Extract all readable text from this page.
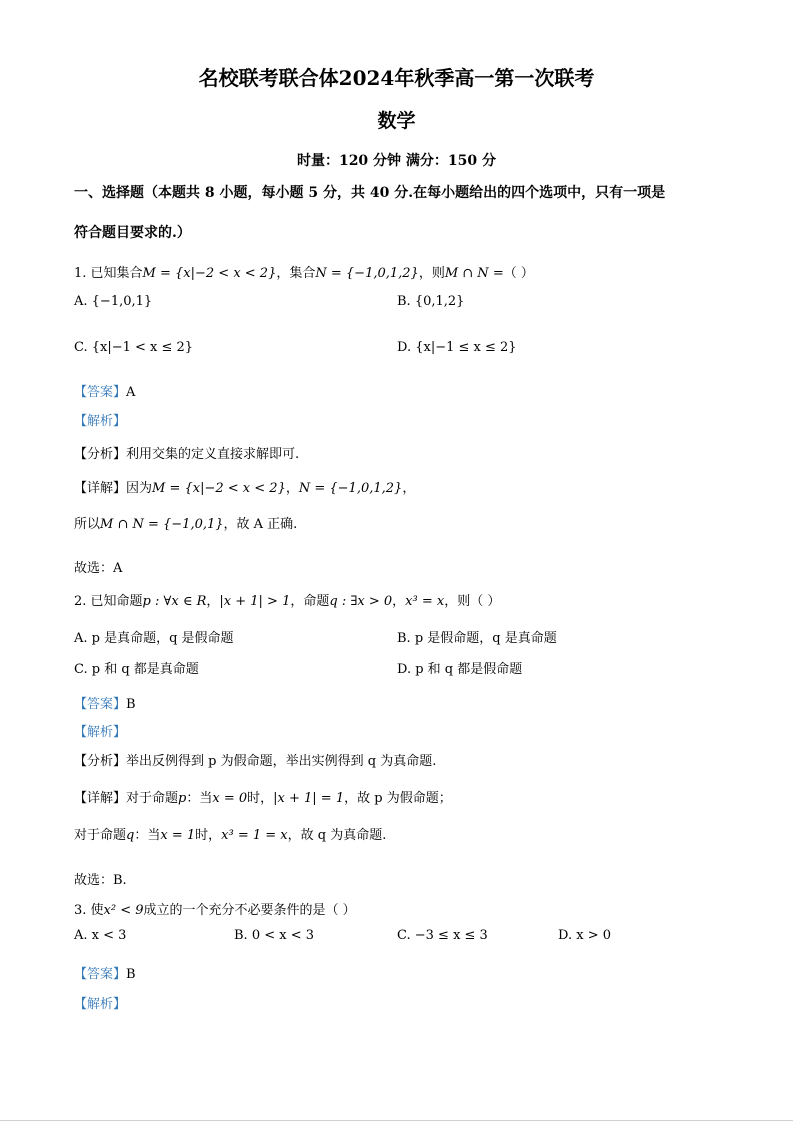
名校联考联合体2024年秋季高一第一次联考
数学
时量：120 分钟 满分：150 分
一、选择题（本题共 8 小题，每小题 5 分，共 40 分.在每小题给出的四个选项中，只有一项是
符合题目要求的.）
1. 已知集合M = {x|−2 < x < 2}，集合N = {−1,0,1,2}，则M ∩ N =（ ）
A. {−1,0,1}	B. {0,1,2}
C. {x|−1 < x ≤ 2}	D. {x|−1 ≤ x ≤ 2}
【答案】A
【解析】
【分析】利用交集的定义直接求解即可.
【详解】因为M = {x|−2 < x < 2}，N = {−1,0,1,2}，
所以M ∩ N = {−1,0,1}，故 A 正确.
故选：A
2. 已知命题p : ∀x ∈ R，|x + 1| > 1，命题q : ∃x > 0，x³ = x，则（ ）
A. p 是真命题，q 是假命题	B. p 是假命题，q 是真命题
C. p 和 q 都是真命题	D. p 和 q 都是假命题
【答案】B
【解析】
【分析】举出反例得到 p 为假命题，举出实例得到 q 为真命题.
【详解】对于命题p：当x = 0时，|x + 1| = 1，故 p 为假命题；
对于命题q：当x = 1时，x³ = 1 = x，故 q 为真命题.
故选：B.
3. 使x² < 9成立的一个充分不必要条件的是（ ）
A. x < 3	B. 0 < x < 3	C. −3 ≤ x ≤ 3	D. x > 0
【答案】B
【解析】
